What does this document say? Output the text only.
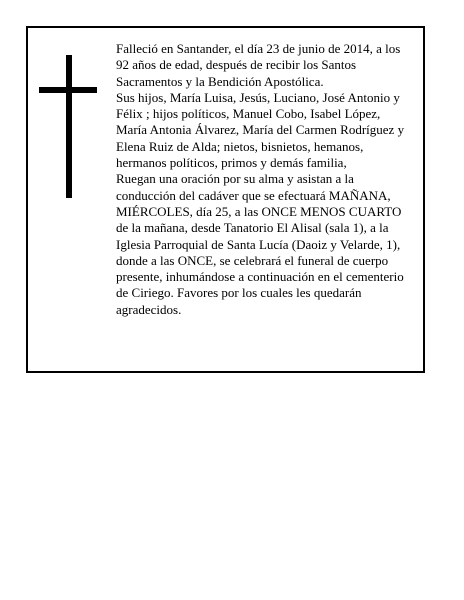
Falleció en Santander, el día 23 de junio de 2014, a los
92 años de edad, después de recibir los Santos
Sacramentos y la Bendición Apostólica.
Sus hijos, María Luisa, Jesús, Luciano, José Antonio y
Félix ; hijos políticos, Manuel Cobo, Isabel López,
María Antonia Álvarez, María del Carmen Rodríguez y
Elena Ruiz de Alda; nietos, bisnietos, hemanos,
hermanos políticos, primos y demás familia,
Ruegan una oración por su alma y asistan a la
conducción del cadáver que se efectuará MAÑANA,
MIÉRCOLES, día 25, a las ONCE MENOS CUARTO
de la mañana, desde Tanatorio El Alisal (sala 1), a la
Iglesia Parroquial de Santa Lucía (Daoiz y Velarde, 1),
donde a las ONCE, se celebrará el funeral de cuerpo
presente, inhumándose a continuación en el cementerio
de Ciriego. Favores por los cuales les quedarán
agradecidos.
